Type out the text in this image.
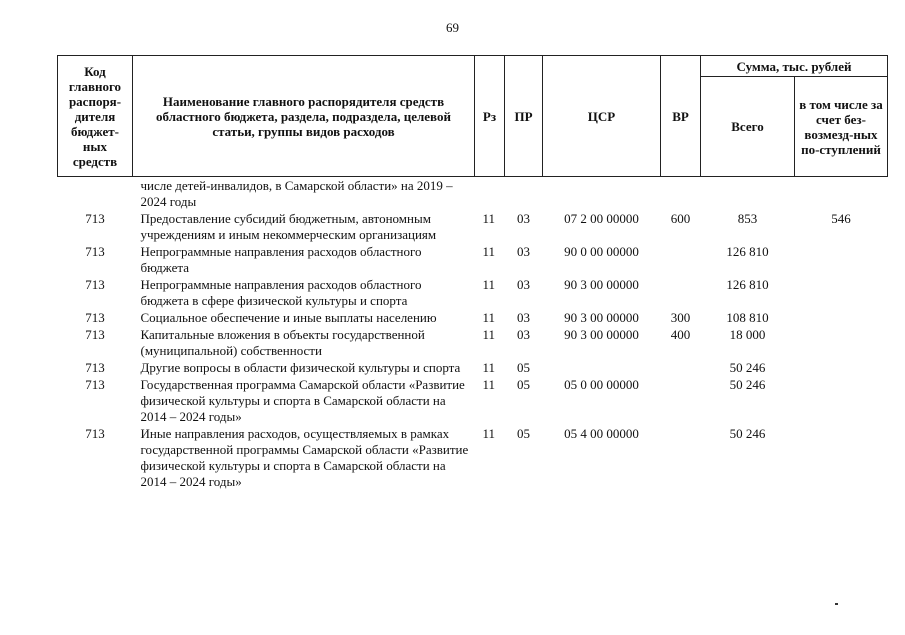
69
Код главного распоря-дителя бюджет-ных средств	Наименование главного распорядителя средств областного бюджета, раздела, подраздела, целевой статьи, группы видов расходов	Рз	ПР	ЦСР	ВР	Сумма, тыс. рублей	
						Всего	в том числе за счет без-возмезд-ных по-ступлений
	числе детей-инвалидов, в Самарской области» на 2019 – 2024 годы						
713	Предоставление субсидий бюджетным, автономным учреждениям и иным некоммерческим организациям	11	03	07 2 00 00000	600	853	546
713	Непрограммные направления расходов областного бюджета	11	03	90 0 00 00000		126 810	
713	Непрограммные направления расходов областного бюджета в сфере физической культуры и спорта	11	03	90 3 00 00000		126 810	
713	Социальное обеспечение и иные выплаты населению	11	03	90 3 00 00000	300	108 810	
713	Капитальные вложения в объекты государственной (муниципальной) собственности	11	03	90 3 00 00000	400	18 000	
713	Другие вопросы в области физической культуры и спорта	11	05			50 246	
713	Государственная программа Самарской области «Развитие физической культуры и спорта в Самарской области на 2014 – 2024 годы»	11	05	05 0 00 00000		50 246	
713	Иные направления расходов, осуществляемых в рамках государственной программы Самарской области «Развитие физической культуры и спорта в Самарской области на 2014 – 2024 годы»	11	05	05 4 00 00000		50 246	
